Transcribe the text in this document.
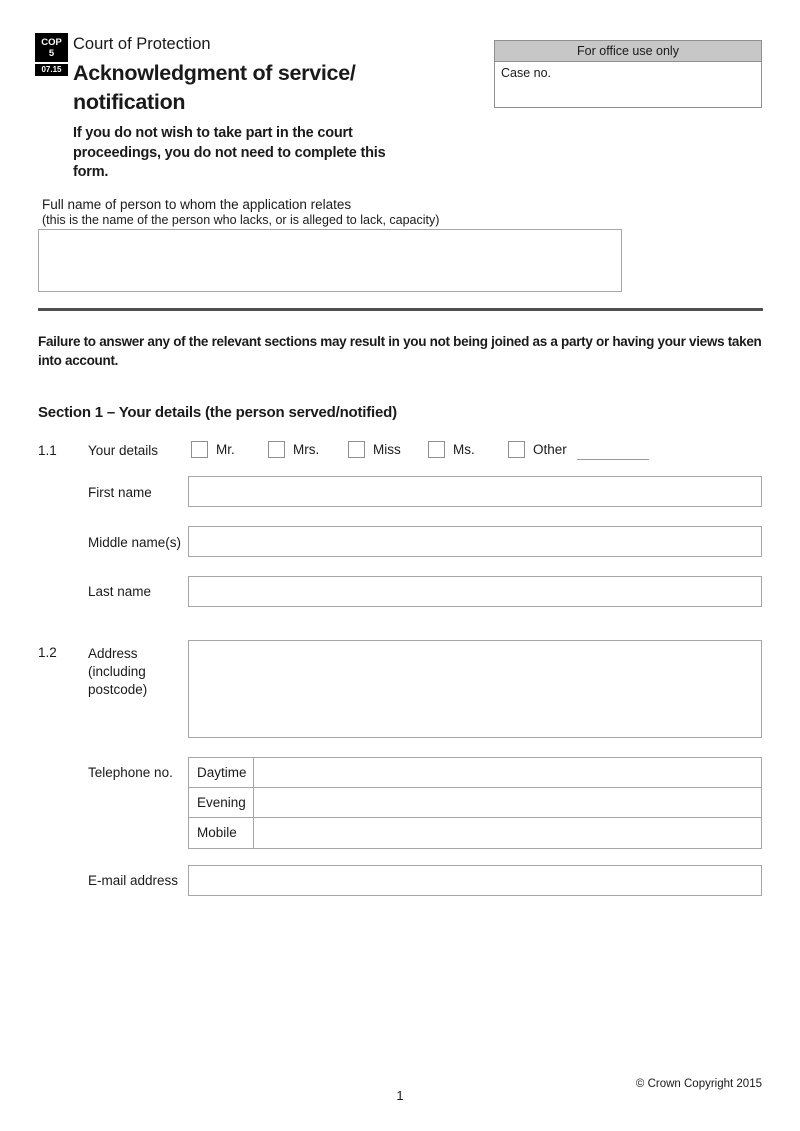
COP
5
07.15
Court of Protection
Acknowledgment of service/
notification
If you do not wish to take part in the court proceedings, you do not need to complete this form.
For office use only
Case no.
Full name of person to whom the application relates
(this is the name of the person who lacks, or is alleged to lack, capacity)
Failure to answer any of the relevant sections may result in you not being joined as a party or having your views taken into account.
Section 1 – Your details (the person served/notified)
1.1 Your details	Mr.	Mrs.	Miss	Ms.	Other
First name
Middle name(s)
Last name
1.2 Address (including postcode)
Telephone no.	Daytime
Evening
Mobile
E-mail address
1
© Crown Copyright 2015
